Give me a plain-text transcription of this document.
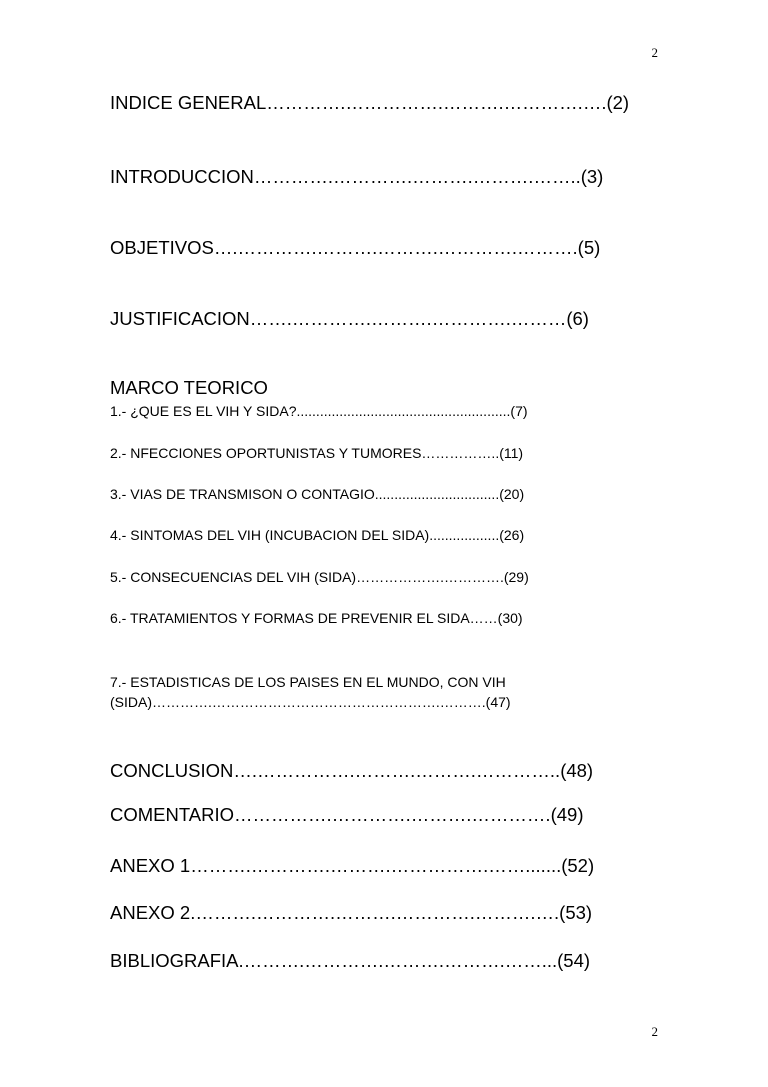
2
INDICE GENERAL………….…………….……….………….….(2)
INTRODUCCION………….………….……….……….……..(3)
OBJETIVOS….………….……….……….………….……….(5)
JUSTIFICACION…….………….……….………….………(6)
MARCO TEORICO
1.- ¿QUE ES EL VIH Y SIDA?.......................................................(7)
2.- NFECCIONES OPORTUNISTAS Y TUMORES……………..(11)
3.- VIAS DE TRANSMISON O CONTAGIO................................(20)
4.- SINTOMAS DEL VIH (INCUBACION DEL SIDA)..................(26)
5.- CONSECUENCIAS DEL VIH (SIDA)……………….………….(29)
6.- TRATAMIENTOS Y FORMAS DE PREVENIR EL SIDA……(30)
7.- ESTADISTICAS DE LOS PAISES EN EL MUNDO, CON VIH
(SIDA)………….………………………………………….……….(47)
CONCLUSION….…………….……….……….…………..(48)
COMENTARIO…………….………….……….………….(49)
ANEXO 1……….………….……….…………….…….......(52)
ANEXO 2.……….………….……….………….……….….(53)
BIBLIOGRAFIA.……….………….……….……….……...(54)
2
